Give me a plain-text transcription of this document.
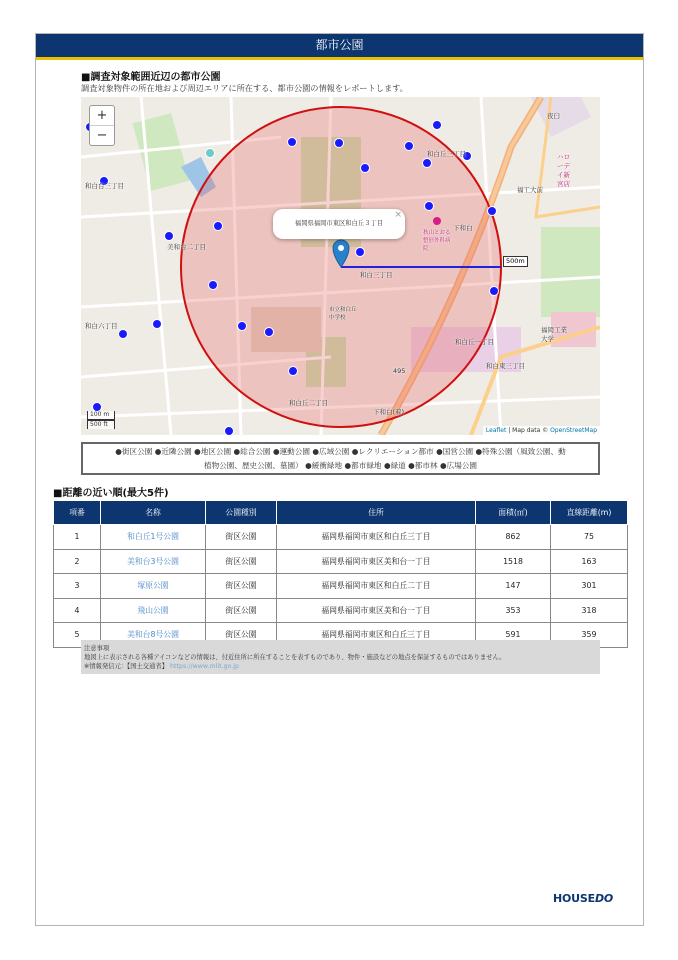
都市公園
■調査対象範囲近辺の都市公園
調査対象物件の所在地および周辺エリアに所在する、都市公園の情報をレポートします。
+
−
福岡県福岡市東区和白丘３丁目
×
500m
和白丘三丁目
美和台二丁目
和白三丁目
和白丘一丁目
和白丘二丁目
和白六丁目
和白東三丁目
市立和白丘中学校
下和白
福岡工業大学
秋山とおる整形外科病院
下和白(着)
和白台三丁目
夜臼
ハローデイ新宮店
福工大前
495
100 m
500 ft
Leaflet | Map data © OpenStreetMap
●街区公園 ●近隣公園 ●地区公園 ●総合公園 ●運動公園 ●広域公園 ●レクリエーション都市 ●国営公園 ●特殊公園（風致公園、動
植物公園、歴史公園、墓園） ●緩衝緑地 ●都市緑地 ●緑道 ●都市林 ●広場公園
■距離の近い順(最大5件)
項番	名称	公園種別	住所	面積(㎡)	直線距離(m)
1	和白丘1号公園	街区公園	福岡県福岡市東区和白丘三丁目	862	75
2	美和台3号公園	街区公園	福岡県福岡市東区美和台一丁目	1518	163
3	塚原公園	街区公園	福岡県福岡市東区和白丘二丁目	147	301
4	飛山公園	街区公園	福岡県福岡市東区美和台一丁目	353	318
5	美和台8号公園	街区公園	福岡県福岡市東区和白丘三丁目	591	359
注意事項
地図上に表示される各種アイコンなどの情報は、付近住所に所在することを表すものであり、物件・施設などの地点を保証するものではありません。
※情報発信元：【国土交通省】 https://www.mlit.go.jp
HOUSEDO
